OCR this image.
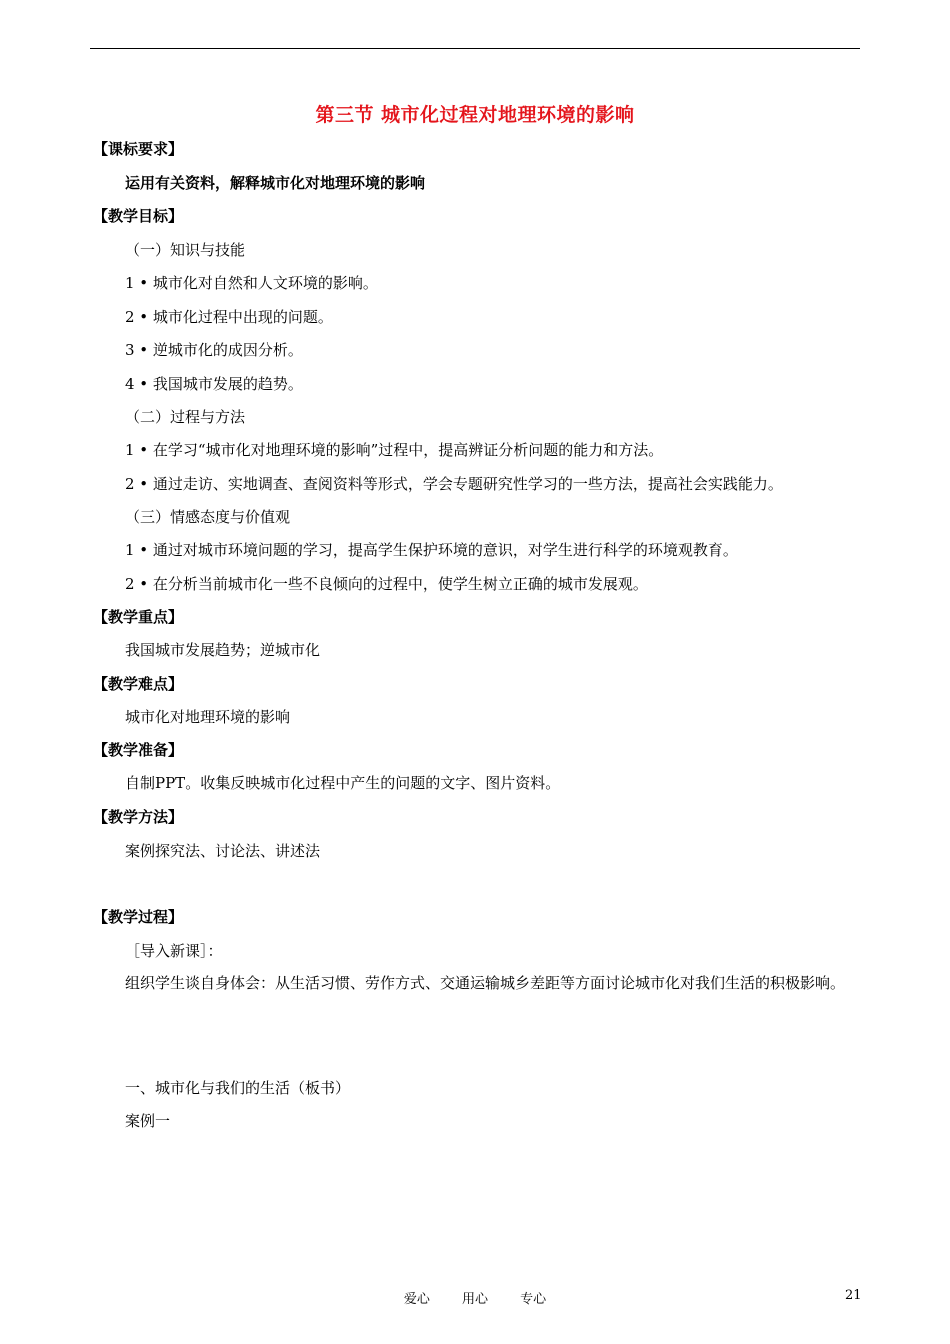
第三节 城市化过程对地理环境的影响
【课标要求】
运用有关资料，解释城市化对地理环境的影响
【教学目标】
（一）知识与技能
1 • 城市化对自然和人文环境的影响。
2 • 城市化过程中出现的问题。
3 • 逆城市化的成因分析。
4 • 我国城市发展的趋势。
（二）过程与方法
1 • 在学习“城市化对地理环境的影响”过程中，提高辨证分析问题的能力和方法。
2 • 通过走访、实地调查、查阅资料等形式，学会专题研究性学习的一些方法，提高社会实践能力。
（三）情感态度与价值观
1 • 通过对城市环境问题的学习，提高学生保护环境的意识，对学生进行科学的环境观教育。
2 • 在分析当前城市化一些不良倾向的过程中，使学生树立正确的城市发展观。
【教学重点】
我国城市发展趋势；逆城市化
【教学难点】
城市化对地理环境的影响
【教学准备】
自制PPT。收集反映城市化过程中产生的问题的文字、图片资料。
【教学方法】
案例探究法、讨论法、讲述法
【教学过程】
［导入新课］：
组织学生谈自身体会：从生活习惯、劳作方式、交通运输城乡差距等方面讨论城市化对我们生活的积极影响。
一、城市化与我们的生活（板书）
案例一
爱心 用心 专心	21
